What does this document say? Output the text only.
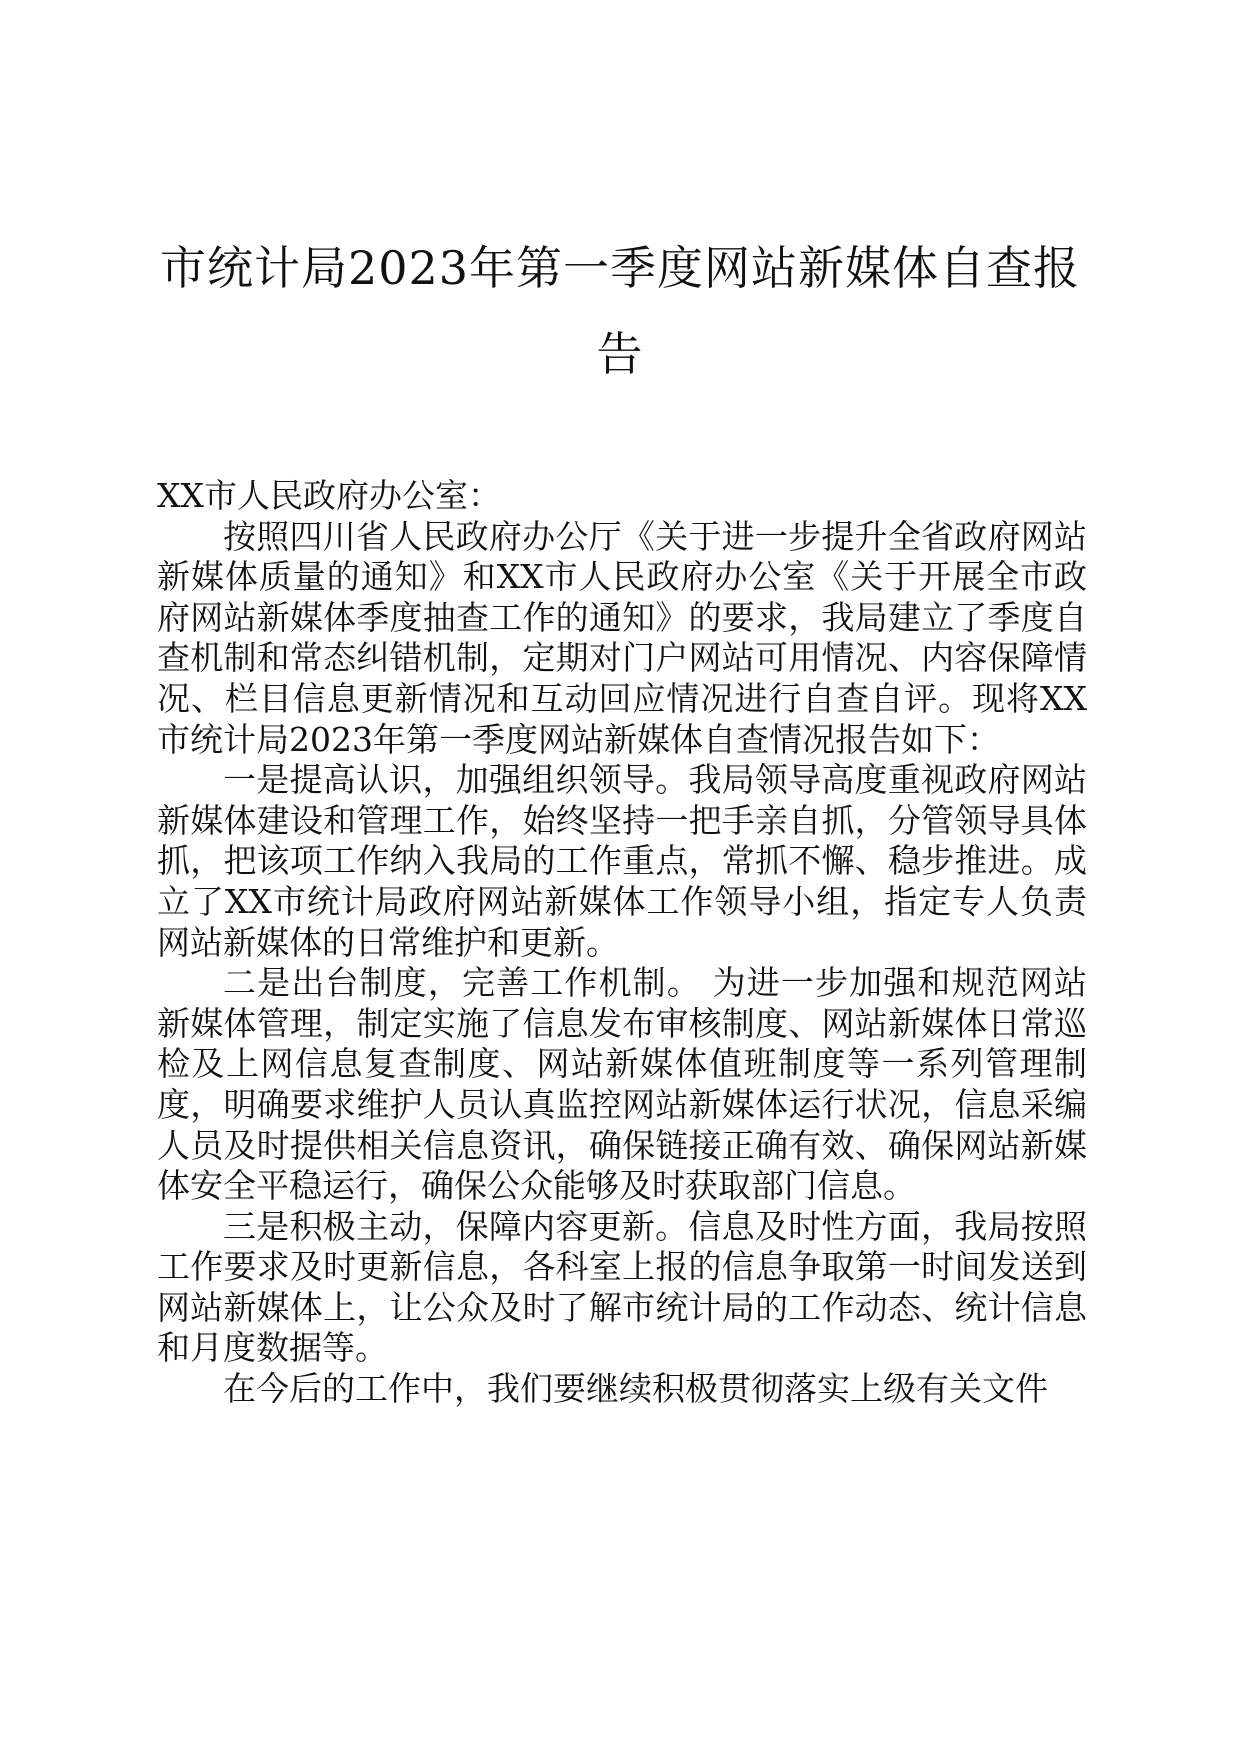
市统计局2023年第一季度网站新媒体自查报告

XX市人民政府办公室：

按照四川省人民政府办公厅《关于进一步提升全省政府网站新媒体质量的通知》和XX市人民政府办公室《关于开展全市政府网站新媒体季度抽查工作的通知》的要求，我局建立了季度自查机制和常态纠错机制，定期对门户网站可用情况、内容保障情况、栏目信息更新情况和互动回应情况进行自查自评。现将XX市统计局2023年第一季度网站新媒体自查情况报告如下：

一是提高认识，加强组织领导。我局领导高度重视政府网站新媒体建设和管理工作，始终坚持一把手亲自抓，分管领导具体抓，把该项工作纳入我局的工作重点，常抓不懈、稳步推进。成立了XX市统计局政府网站新媒体工作领导小组，指定专人负责网站新媒体的日常维护和更新。

二是出台制度，完善工作机制。 为进一步加强和规范网站新媒体管理，制定实施了信息发布审核制度、网站新媒体日常巡检及上网信息复查制度、网站新媒体值班制度等一系列管理制度，明确要求维护人员认真监控网站新媒体运行状况，信息采编人员及时提供相关信息资讯，确保链接正确有效、确保网站新媒体安全平稳运行，确保公众能够及时获取部门信息。

三是积极主动，保障内容更新。信息及时性方面，我局按照工作要求及时更新信息，各科室上报的信息争取第一时间发送到网站新媒体上，让公众及时了解市统计局的工作动态、统计信息和月度数据等。

在今后的工作中，我们要继续积极贯彻落实上级有关文件
